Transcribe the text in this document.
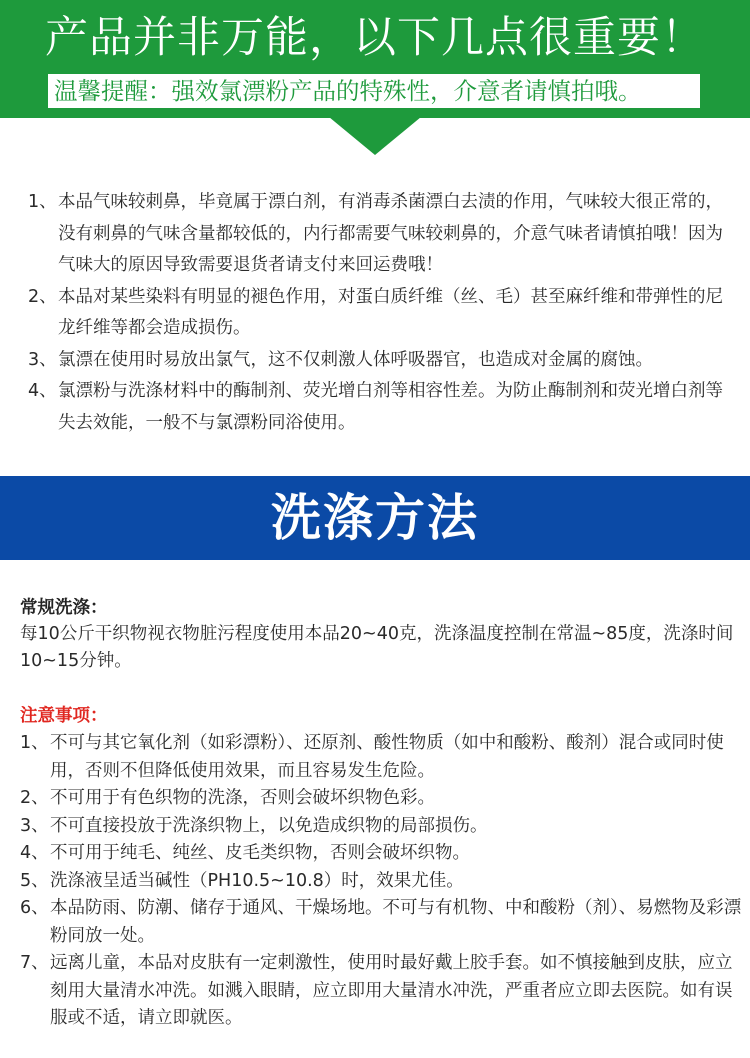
产品并非万能，以下几点很重要！
温馨提醒：强效氯漂粉产品的特殊性，介意者请慎拍哦。
1、 本品气味较刺鼻，毕竟属于漂白剂，有消毒杀菌漂白去渍的作用，气味较大很正常的，没有刺鼻的气味含量都较低的，内行都需要气味较刺鼻的，介意气味者请慎拍哦！因为气味大的原因导致需要退货者请支付来回运费哦！
2、 本品对某些染料有明显的褪色作用，对蛋白质纤维（丝、毛）甚至麻纤维和带弹性的尼龙纤维等都会造成损伤。
3、 氯漂在使用时易放出氯气，这不仅刺激人体呼吸器官，也造成对金属的腐蚀。
4、 氯漂粉与洗涤材料中的酶制剂、荧光增白剂等相容性差。为防止酶制剂和荧光增白剂等失去效能，一般不与氯漂粉同浴使用。
洗涤方法
常规洗涤：
每10公斤干织物视衣物脏污程度使用本品20~40克，洗涤温度控制在常温~85度，洗涤时间10~15分钟。
注意事项：
1、 不可与其它氧化剂（如彩漂粉）、还原剂、酸性物质（如中和酸粉、酸剂）混合或同时使用，否则不但降低使用效果，而且容易发生危险。
2、 不可用于有色织物的洗涤，否则会破坏织物色彩。
3、 不可直接投放于洗涤织物上，以免造成织物的局部损伤。
4、 不可用于纯毛、纯丝、皮毛类织物，否则会破坏织物。
5、 洗涤液呈适当碱性（PH10.5~10.8）时，效果尤佳。
6、 本品防雨、防潮、储存于通风、干燥场地。不可与有机物、中和酸粉（剂）、易燃物及彩漂粉同放一处。
7、 远离儿童，本品对皮肤有一定刺激性，使用时最好戴上胶手套。如不慎接触到皮肤，应立刻用大量清水冲洗。如溅入眼睛，应立即用大量清水冲洗，严重者应立即去医院。如有误服或不适，请立即就医。
